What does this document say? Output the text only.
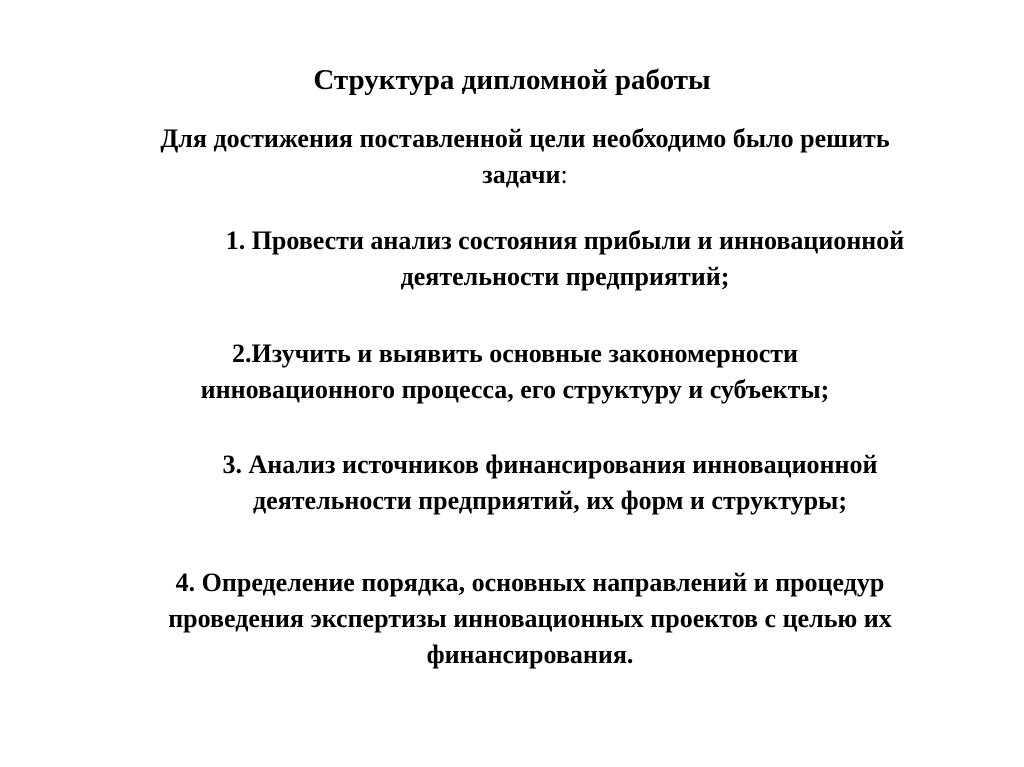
Структура дипломной работы

Для достижения поставленной цели необходимо было решить
задачи:

1. Провести анализ состояния прибыли и инновационной
деятельности предприятий;

2.Изучить и выявить основные закономерности
инновационного процесса, его структуру и субъекты;

3. Анализ источников финансирования инновационной
деятельности предприятий, их форм и структуры;

4. Определение порядка, основных направлений и процедур
проведения экспертизы инновационных проектов с целью их
финансирования.
